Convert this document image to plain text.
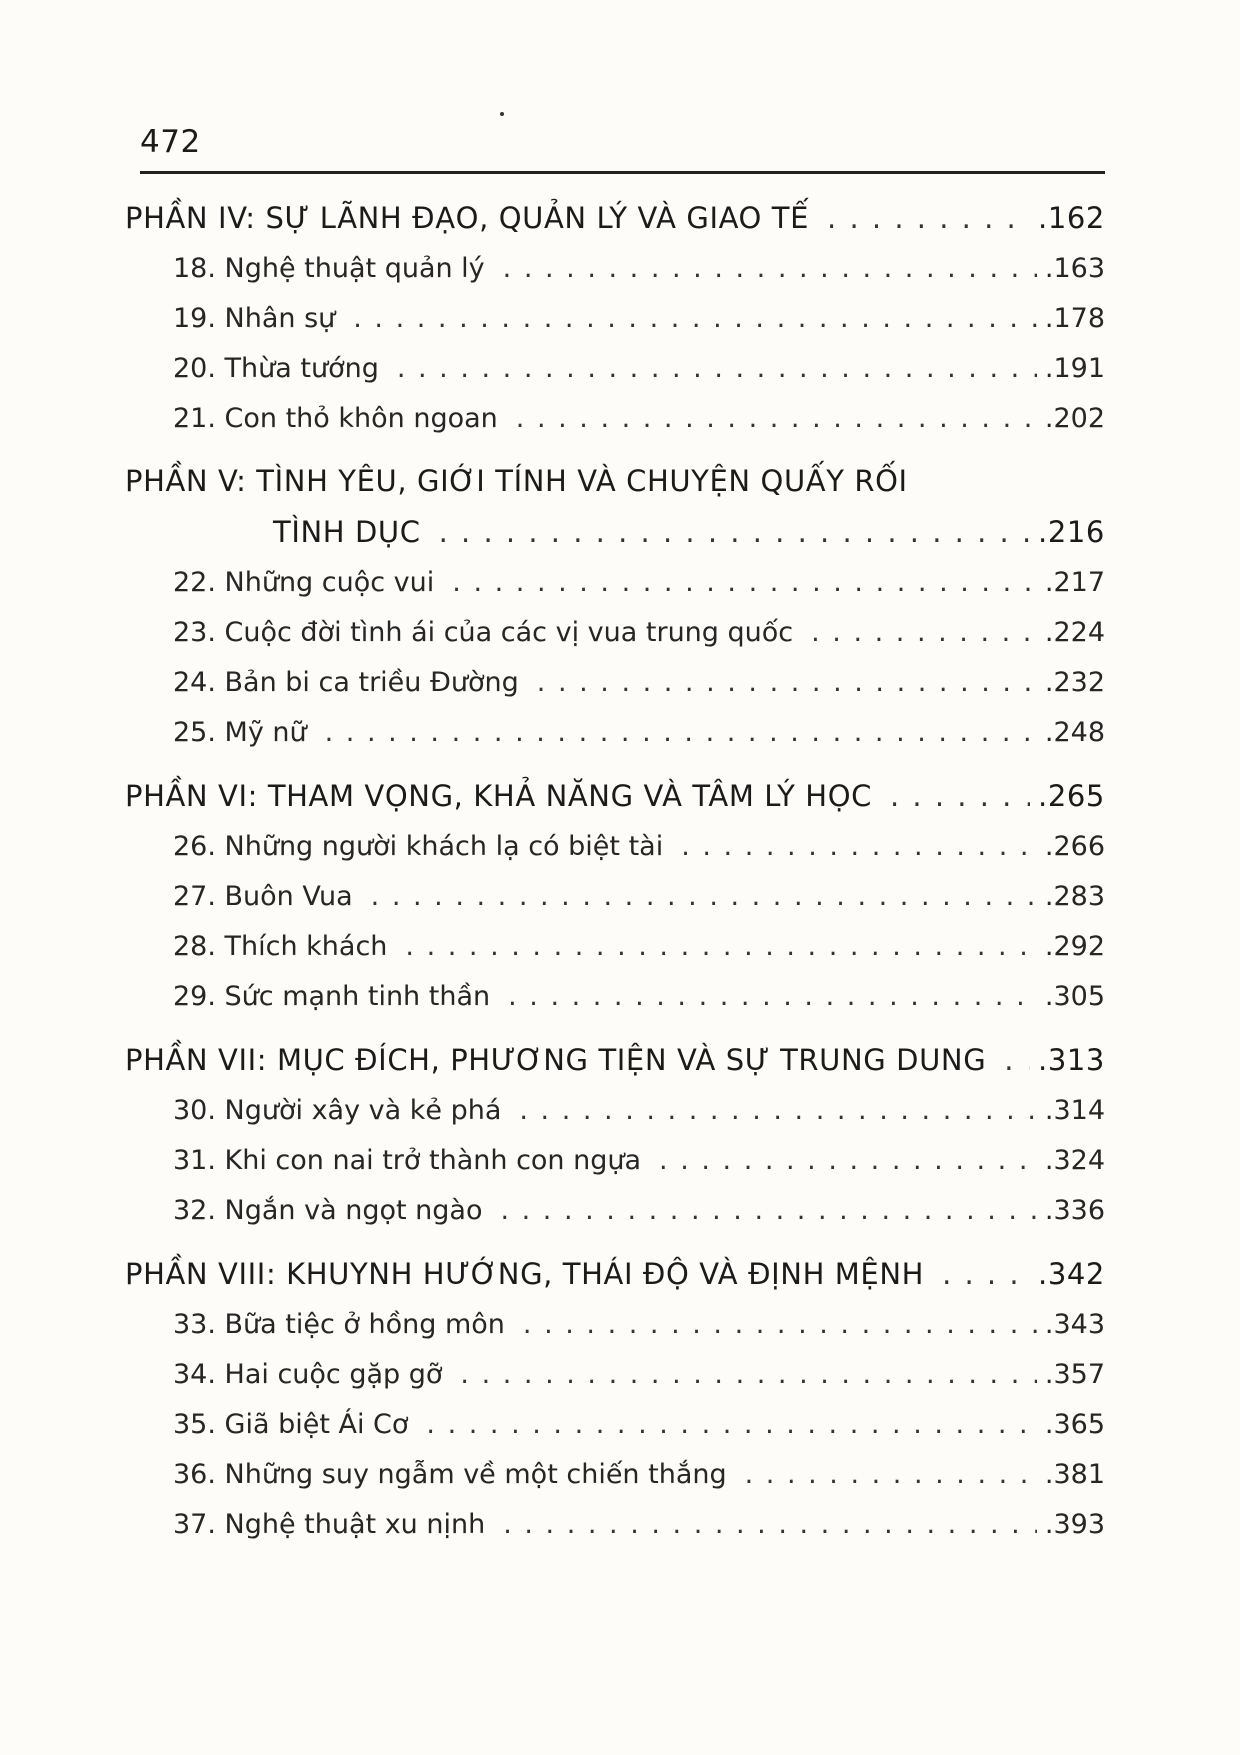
472
PHẦN IV: SỰ LÃNH ĐẠO, QUẢN LÝ VÀ GIAO TẾ . . .	.162
18. Nghệ thuật quản lý . . .	.163
19. Nhân sự . . .	.178
20. Thừa tướng . . .	.191
21. Con thỏ khôn ngoan . . .	.202
PHẦN V: TÌNH YÊU, GIỚI TÍNH VÀ CHUYỆN QUẤY RỐI
TÌNH DỤC . . .	.216
22. Những cuộc vui . . .	.217
23. Cuộc đời tình ái của các vị vua trung quốc . . .	.224
24. Bản bi ca triều Đường . . .	.232
25. Mỹ nữ . . .	.248
PHẦN VI: THAM VỌNG, KHẢ NĂNG VÀ TÂM LÝ HỌC . . .	.265
26. Những người khách lạ có biệt tài . . .	.266
27. Buôn Vua . . .	.283
28. Thích khách . . .	.292
29. Sức mạnh tinh thần . . .	.305
PHẦN VII: MỤC ĐÍCH, PHƯƠNG TIỆN VÀ SỰ TRUNG DUNG . . . .313
30. Người xây và kẻ phá . . .	.314
31. Khi con nai trở thành con ngựa . . .	.324
32. Ngắn và ngọt ngào . . .	.336
PHẦN VIII: KHUYNH HƯỚNG, THÁI ĐỘ VÀ ĐỊNH MỆNH . . .	.342
33. Bữa tiệc ở hồng môn . . .	.343
34. Hai cuộc gặp gỡ . . .	.357
35. Giã biệt Ái Cơ . . .	.365
36. Những suy ngẫm về một chiến thắng . . .	.381
37. Nghệ thuật xu nịnh . . .	.393
